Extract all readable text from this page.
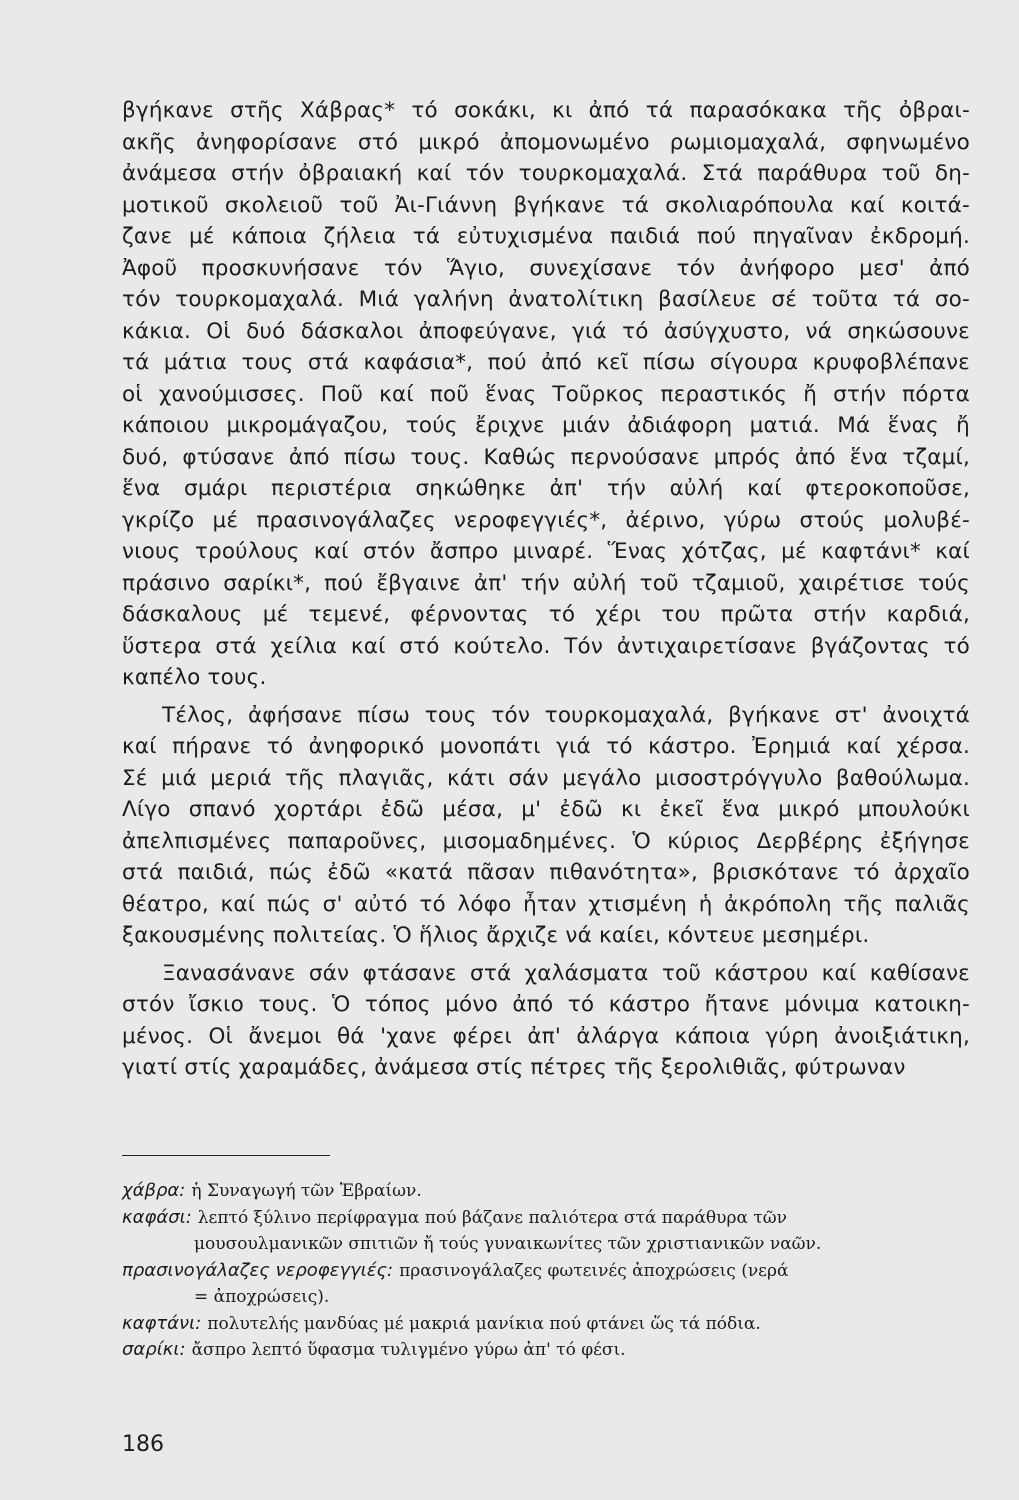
βγήκανε στῆς Χάβρας* τό σοκάκι, κι ἀπό τά παρασόκακα τῆς ὀβραι-
ακῆς ἀνηφορίσανε στό μικρό ἀπομονωμένο ρωμιομαχαλά, σφηνωμένο
ἀνάμεσα στήν ὀβραιακή καί τόν τουρκομαχαλά. Στά παράθυρα τοῦ δη-
μοτικοῦ σκολειοῦ τοῦ Ἀι-Γιάννη βγήκανε τά σκολιαρόπουλα καί κοιτά-
ζανε μέ κάποια ζήλεια τά εὐτυχισμένα παιδιά πού πηγαῖναν ἐκδρομή.
Ἀφοῦ προσκυνήσανε τόν Ἅγιο, συνεχίσανε τόν ἀνήφορο μεσ' ἀπό
τόν τουρκομαχαλά. Μιά γαλήνη ἀνατολίτικη βασίλευε σέ τοῦτα τά σο-
κάκια. Οἱ δυό δάσκαλοι ἀποφεύγανε, γιά τό ἀσύγχυστο, νά σηκώσουνε
τά μάτια τους στά καφάσια*, πού ἀπό κεῖ πίσω σίγουρα κρυφοβλέπανε
οἱ χανούμισσες. Ποῦ καί ποῦ ἕνας Τοῦρκος περαστικός ἤ στήν πόρτα
κάποιου μικρομάγαζου, τούς ἔριχνε μιάν ἀδιάφορη ματιά. Μά ἕνας ἤ
δυό, φτύσανε ἀπό πίσω τους. Καθώς περνούσανε μπρός ἀπό ἕνα τζαμί,
ἕνα σμάρι περιστέρια σηκώθηκε ἀπ' τήν αὐλή καί φτεροκοποῦσε,
γκρίζο μέ πρασινογάλαζες νεροφεγγιές*, ἀέρινο, γύρω στούς μολυβέ-
νιους τρούλους καί στόν ἄσπρο μιναρέ. Ἕνας χότζας, μέ καφτάνι* καί
πράσινο σαρίκι*, πού ἔβγαινε ἀπ' τήν αὐλή τοῦ τζαμιοῦ, χαιρέτισε τούς
δάσκαλους μέ τεμενέ, φέρνοντας τό χέρι του πρῶτα στήν καρδιά,
ὕστερα στά χείλια καί στό κούτελο. Τόν ἀντιχαιρετίσανε βγάζοντας τό
καπέλο τους.
Τέλος, ἀφήσανε πίσω τους τόν τουρκομαχαλά, βγήκανε στ' ἀνοιχτά
καί πήρανε τό ἀνηφορικό μονοπάτι γιά τό κάστρο. Ἐρημιά καί χέρσα.
Σέ μιά μεριά τῆς πλαγιᾶς, κάτι σάν μεγάλο μισοστρόγγυλο βαθούλωμα.
Λίγο σπανό χορτάρι ἐδῶ μέσα, μ' ἐδῶ κι ἐκεῖ ἕνα μικρό μπουλούκι
ἀπελπισμένες παπαροῦνες, μισομαδημένες. Ὁ κύριος Δερβέρης ἐξήγησε
στά παιδιά, πώς ἐδῶ «κατά πᾶσαν πιθανότητα», βρισκότανε τό ἀρχαῖο
θέατρο, καί πώς σ' αὐτό τό λόφο ἦταν χτισμένη ἡ ἀκρόπολη τῆς παλιᾶς
ξακουσμένης πολιτείας. Ὁ ἥλιος ἄρχιζε νά καίει, κόντευε μεσημέρι.
Ξανασάνανε σάν φτάσανε στά χαλάσματα τοῦ κάστρου καί καθίσανε
στόν ἴσκιο τους. Ὁ τόπος μόνο ἀπό τό κάστρο ἤτανε μόνιμα κατοικη-
μένος. Οἱ ἄνεμοι θά 'χανε φέρει ἀπ' ἀλάργα κάποια γύρη ἀνοιξιάτικη,
γιατί στίς χαραμάδες, ἀνάμεσα στίς πέτρες τῆς ξερολιθιᾶς, φύτρωναν
χάβρα: ἡ Συναγωγή τῶν Ἑβραίων.
καφάσι: λεπτό ξύλινο περίφραγμα πού βάζανε παλιότερα στά παράθυρα τῶν
μουσουλμανικῶν σπιτιῶν ἤ τούς γυναικωνίτες τῶν χριστιανικῶν ναῶν.
πρασινογάλαζες νεροφεγγιές: πρασινογάλαζες φωτεινές ἀποχρώσεις (νερά
= ἀποχρώσεις).
καφτάνι: πολυτελής μανδύας μέ μακριά μανίκια πού φτάνει ὥς τά πόδια.
σαρίκι: ἄσπρο λεπτό ὕφασμα τυλιγμένο γύρω ἀπ' τό φέσι.
186
